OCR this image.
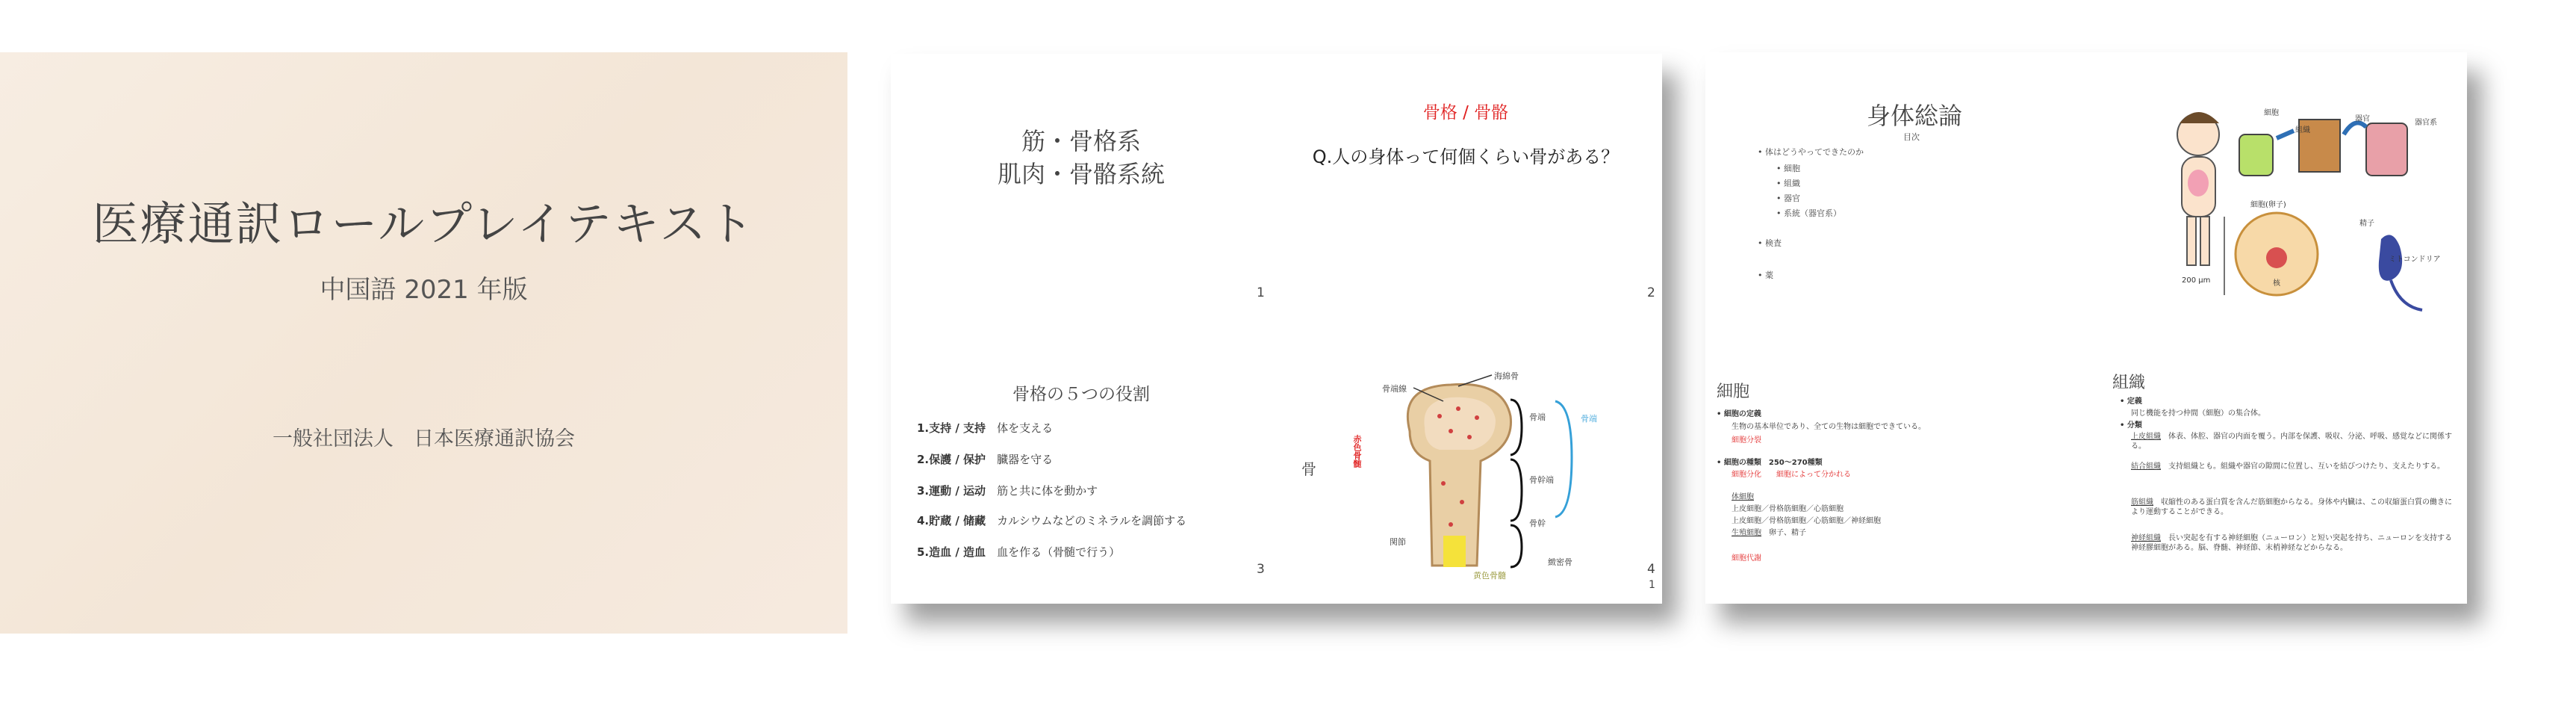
医療通訳ロールプレイテキスト
中国語 2021 年版
一般社団法人　日本医療通訳協会
筋・骨格系
肌肉・骨骼系統
1
骨格 / 骨骼
Q.人の身体って何個くらい骨がある？
2
骨格の５つの役割
1.支持 / 支持　 体を支える
2.保護 / 保护　 臓器を守る
3.運動 / 运动　 筋と共に体を動かす
4.貯蔵 / 储藏　 カルシウムなどのミネラルを調節する
5.造血 / 造血　 血を作る（骨髄で行う）
3
骨
骨端線
海綿骨
骨端
骨幹端
骨幹
緻密骨
骨端
赤色骨髄
関節
黄色骨髓	4
1
身体総論
目次
• 体はどうやってできたのか
• 細胞
• 組織
• 器官
• 系統（器官系）
• 検査
• 薬
細胞
組織
器官	器官系
細胞(卵子)
精子
200 μm	核
ミトコンドリア
細胞
• 細胞の定義
生物の基本単位であり、全ての生物は細胞でできている。
細胞分裂
• 細胞の種類　250～270種類
細胞分化　　細胞によって分かれる
体細胞
上皮細胞／骨格筋細胞／心筋細胞
上皮細胞／骨格筋細胞／心筋細胞／神経細胞
生殖細胞　 卵子、精子
細胞代謝
組織
• 定義
同じ機能を持つ仲間（細胞）の集合体。
• 分類
上皮組織　 体表、体腔、器官の内面を覆う。内部を保護、吸収、分泌、呼吸、感覚などに関係する。
結合組織　 支持組織とも。組織や器官の隙間に位置し、互いを結びつけたり、支えたりする。
筋組織　 収縮性のある蛋白質を含んだ筋細胞からなる。身体や内臓は、この収縮蛋白質の働きにより運動することができる。
神経組織　 長い突起を有する神経細胞（ニューロン）と短い突起を持ち、ニューロンを支持する神経膠細胞がある。脳、脊髄、神経節、末梢神経などからなる。
